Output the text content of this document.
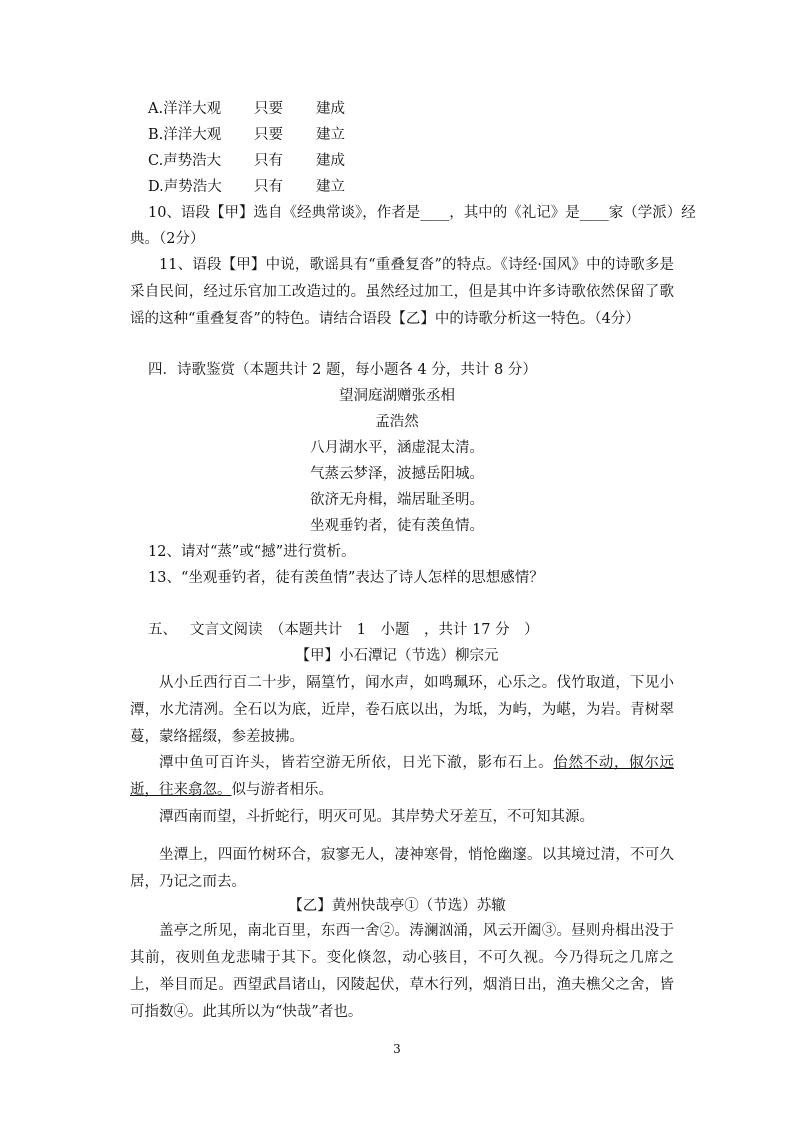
A.洋洋大观 只要 建成
B.洋洋大观 只要 建立
C.声势浩大 只有 建成
D.声势浩大 只有 建立
10、语段【甲】选自《经典常谈》，作者是____，其中的《礼记》是____家（学派）经
典。（2分）
11、语段【甲】中说，歌谣具有“重叠复沓”的特点。《诗经·国风》中的诗歌多是采自民间，经过乐官加工改造过的。虽然经过加工，但是其中许多诗歌依然保留了歌谣的这种“重叠复沓”的特色。请结合语段【乙】中的诗歌分析这一特色。（4分）
四．诗歌鉴赏（本题共计 2 题，每小题各 4 分，共计 8 分）
望洞庭湖赠张丞相
孟浩然
八月湖水平，涵虚混太清。
气蒸云梦泽，波撼岳阳城。
欲济无舟楫，端居耻圣明。
坐观垂钓者，徒有羡鱼情。
12、请对“蒸”或“撼”进行赏析。
13、“坐观垂钓者，徒有羡鱼情”表达了诗人怎样的思想感情？
五、 文言文阅读　（本题共计　1　小题　，共计 17 分　）
【甲】小石潭记（节选）柳宗元
从小丘西行百二十步，隔篁竹，闻水声，如鸣珮环，心乐之。伐竹取道，下见小潭，水尤清冽。全石以为底，近岸，卷石底以出，为坻，为屿，为嵁，为岩。青树翠蔓，蒙络摇缀，参差披拂。
潭中鱼可百许头，皆若空游无所依，日光下澈，影布石上。佁然不动，俶尔远逝，往来翕忽。似与游者相乐。
潭西南而望，斗折蛇行，明灭可见。其岸势犬牙差互，不可知其源。
坐潭上，四面竹树环合，寂寥无人，凄神寒骨，悄怆幽邃。以其境过清，不可久居，乃记之而去。
【乙】黄州快哉亭①（节选）苏辙
盖亭之所见，南北百里，东西一舍②。涛澜汹涌，风云开阖③。昼则舟楫出没于其前，夜则鱼龙悲啸于其下。变化倏忽，动心骇目，不可久视。今乃得玩之几席之上，举目而足。西望武昌诸山，冈陵起伏，草木行列，烟消日出，渔夫樵父之舍，皆可指数④。此其所以为“快哉”者也。
3
